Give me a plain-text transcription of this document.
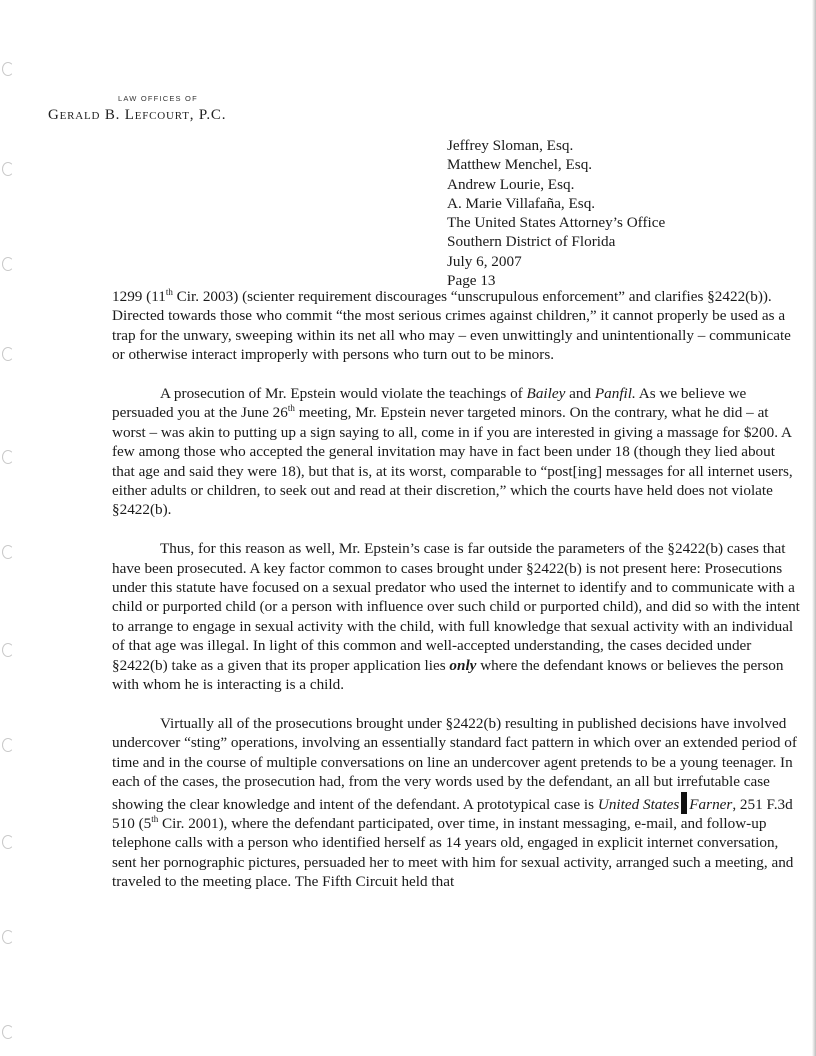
LAW OFFICES OF
Gerald B. Lefcourt, P.C.
Jeffrey Sloman, Esq.
Matthew Menchel, Esq.
Andrew Lourie, Esq.
A. Marie Villafaña, Esq.
The United States Attorney’s Office
Southern District of Florida
July 6, 2007
Page 13

1299 (11th Cir. 2003) (scienter requirement discourages “unscrupulous enforcement” and clarifies §2422(b)). Directed towards those who commit “the most serious crimes against children,” it cannot properly be used as a trap for the unwary, sweeping within its net all who may – even unwittingly and unintentionally – communicate or otherwise interact improperly with persons who turn out to be minors.

A prosecution of Mr. Epstein would violate the teachings of Bailey and Panfil. As we believe we persuaded you at the June 26th meeting, Mr. Epstein never targeted minors. On the contrary, what he did – at worst – was akin to putting up a sign saying to all, come in if you are interested in giving a massage for $200. A few among those who accepted the general invitation may have in fact been under 18 (though they lied about that age and said they were 18), but that is, at its worst, comparable to “post[ing] messages for all internet users, either adults or children, to seek out and read at their discretion,” which the courts have held does not violate §2422(b).

Thus, for this reason as well, Mr. Epstein’s case is far outside the parameters of the §2422(b) cases that have been prosecuted. A key factor common to cases brought under §2422(b) is not present here: Prosecutions under this statute have focused on a sexual predator who used the internet to identify and to communicate with a child or purported child (or a person with influence over such child or purported child), and did so with the intent to arrange to engage in sexual activity with the child, with full knowledge that sexual activity with an individual of that age was illegal. In light of this common and well-accepted understanding, the cases decided under §2422(b) take as a given that its proper application lies only where the defendant knows or believes the person with whom he is interacting is a child.

Virtually all of the prosecutions brought under §2422(b) resulting in published decisions have involved undercover “sting” operations, involving an essentially standard fact pattern in which over an extended period of time and in the course of multiple conversations on line an undercover agent pretends to be a young teenager. In each of the cases, the prosecution had, from the very words used by the defendant, an all but irrefutable case showing the clear knowledge and intent of the defendant. A prototypical case is United States Farner, 251 F.3d 510 (5th Cir. 2001), where the defendant participated, over time, in instant messaging, e-mail, and follow-up telephone calls with a person who identified herself as 14 years old, engaged in explicit internet conversation, sent her pornographic pictures, persuaded her to meet with him for sexual activity, arranged such a meeting, and traveled to the meeting place. The Fifth Circuit held that
